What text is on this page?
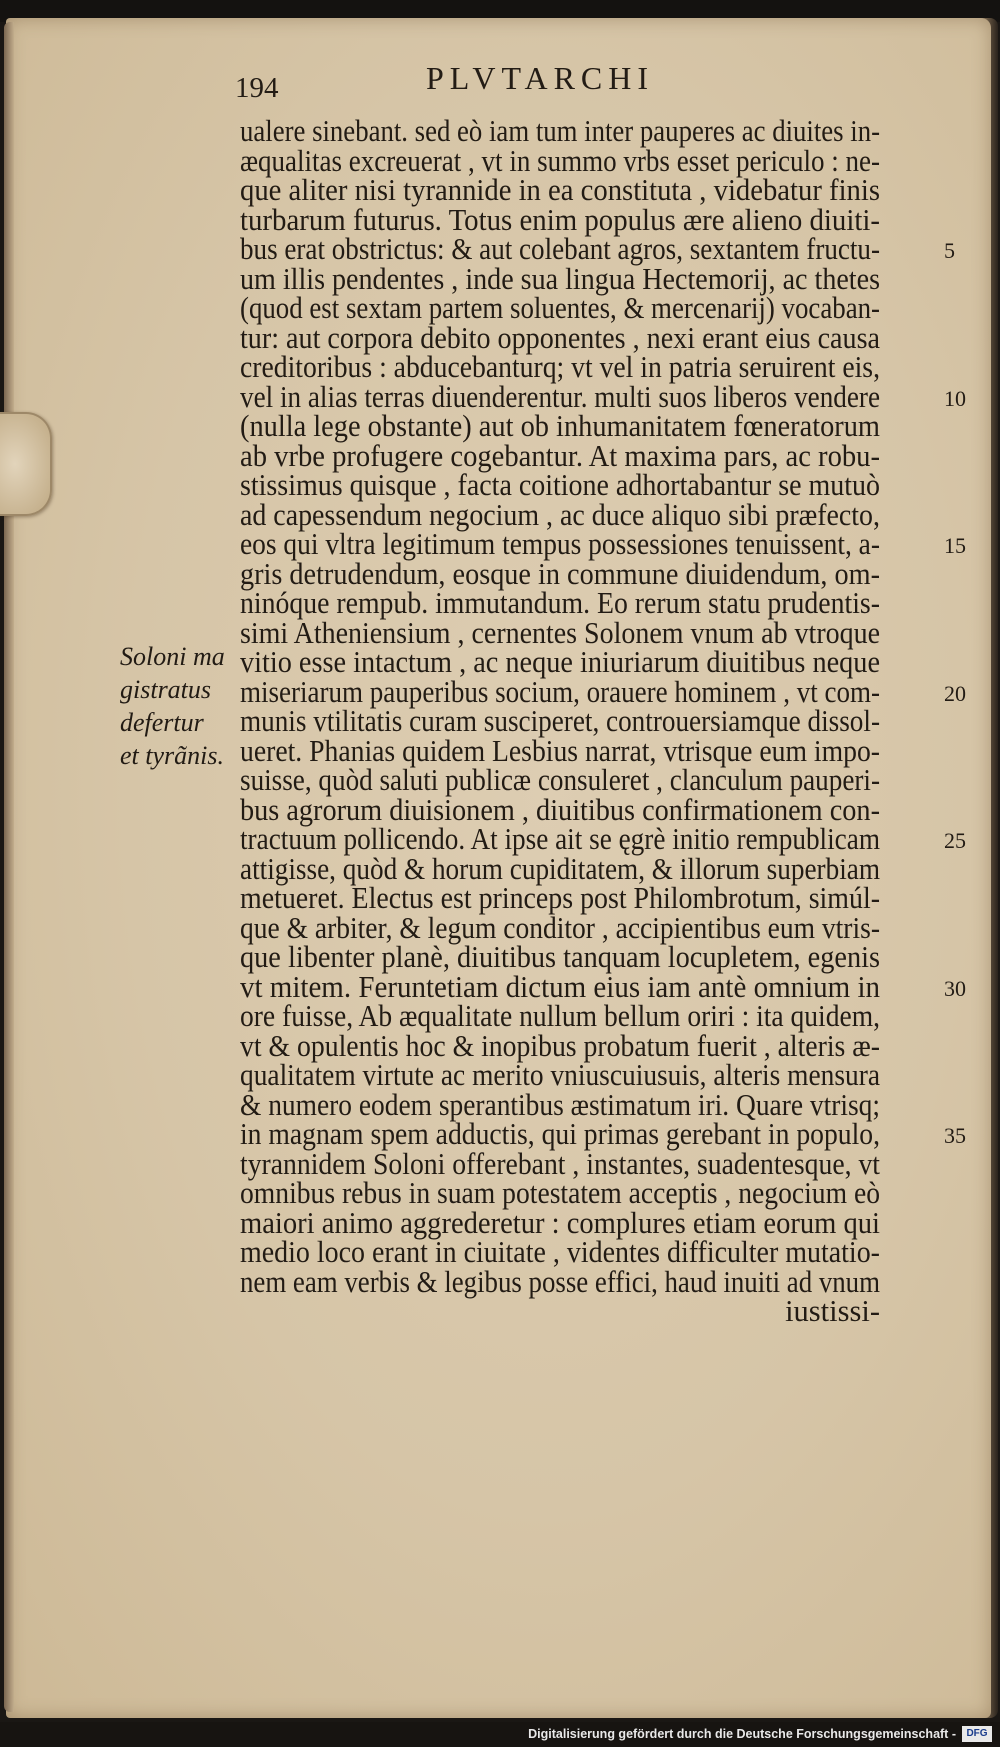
194	PLVTARCHI
ualere sinebant. sed eò iam tum inter pauperes ac diuites in-
æqualitas excreuerat , vt in summo vrbs esset periculo : ne-
que aliter nisi tyrannide in ea constituta , videbatur finis
turbarum futurus. Totus enim populus ære alieno diuiti-
bus erat obstrictus: & aut colebant agros, sextantem fructu-
um illis pendentes , inde sua lingua Hectemorij, ac thetes
(quod est sextam partem soluentes, & mercenarij) vocaban-
tur: aut corpora debito opponentes , nexi erant eius causa
creditoribus : abducebanturq; vt vel in patria seruirent eis,
vel in alias terras diuenderentur. multi suos liberos vendere
(nulla lege obstante) aut ob inhumanitatem fœneratorum
ab vrbe profugere cogebantur. At maxima pars, ac robu-
stissimus quisque , facta coitione adhortabantur se mutuò
ad capessendum negocium , ac duce aliquo sibi præfecto,
eos qui vltra legitimum tempus possessiones tenuissent, a-
gris detrudendum, eosque in commune diuidendum, om-
ninóque rempub. immutandum. Eo rerum statu prudentis-
simi Atheniensium , cernentes Solonem vnum ab vtroque
vitio esse intactum , ac neque iniuriarum diuitibus neque
miseriarum pauperibus socium, orauere hominem , vt com-
munis vtilitatis curam susciperet, controuersiamque dissol-
ueret. Phanias quidem Lesbius narrat, vtrisque eum impo-
suisse, quòd saluti publicæ consuleret , clanculum pauperi-
bus agrorum diuisionem , diuitibus confirmationem con-
tractuum pollicendo. At ipse ait se ęgrè initio rempublicam
attigisse, quòd & horum cupiditatem, & illorum superbiam
metueret. Electus est princeps post Philombrotum, simúl-
que & arbiter, & legum conditor , accipientibus eum vtris-
que libenter planè, diuitibus tanquam locupletem, egenis
vt mitem. Feruntetiam dictum eius iam antè omnium in
ore fuisse, Ab æqualitate nullum bellum oriri : ita quidem,
vt & opulentis hoc & inopibus probatum fuerit , alteris æ-
qualitatem virtute ac merito vniuscuiusuis, alteris mensura
& numero eodem sperantibus æstimatum iri. Quare vtrisq;
in magnam spem adductis, qui primas gerebant in populo,
tyrannidem Soloni offerebant , instantes, suadentesque, vt
omnibus rebus in suam potestatem acceptis , negocium eò
maiori animo aggrederetur : complures etiam eorum qui
medio loco erant in ciuitate , videntes difficulter mutatio-
nem eam verbis & legibus posse effici, haud inuiti ad vnum
iustissi-
Soloni ma
gistratus
defertur
et tyrãnis.
5
10
15
20
25
30
35
Digitalisierung gefördert durch die Deutsche Forschungsgemeinschaft -	DFG
